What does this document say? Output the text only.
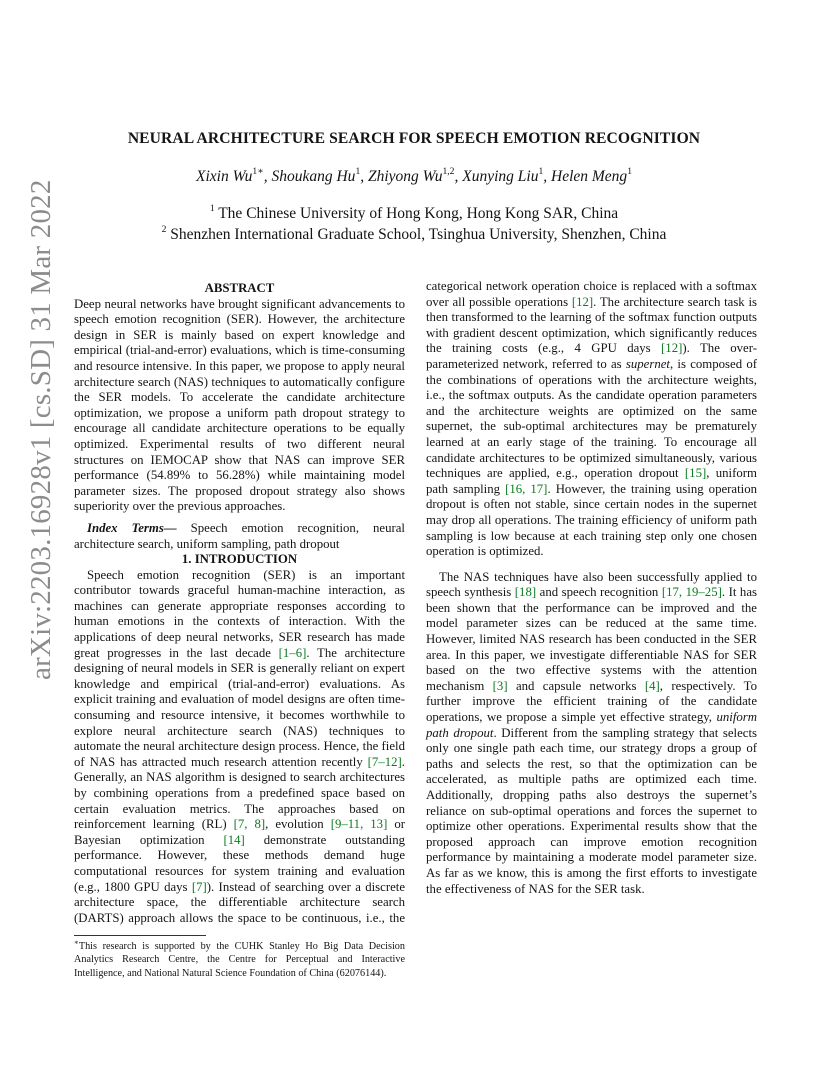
arXiv:2203.16928v1 [cs.SD] 31 Mar 2022
NEURAL ARCHITECTURE SEARCH FOR SPEECH EMOTION RECOGNITION
Xixin $Wu^{1∗}$, Shoukang Hu$^1$, Zhiyong Wu$^{1,2}$, Xunying Liu$^1$, Helen Meng$^1$
$^1$ The Chinese University of Hong Kong, Hong Kong SAR, China
$^2$ Shenzhen International Graduate School, Tsinghua University, Shenzhen, China

ABSTRACT

Deep neural networks have brought significant advancements to speech emotion recognition (SER). However, the architecture design in SER is mainly based on expert knowledge and empirical (trial-and-error) evaluations, which is time-consuming and resource intensive. In this paper, we propose to apply neural architecture search (NAS) techniques to automatically configure the SER models. To accelerate the candidate architecture optimization, we propose a uniform path dropout strategy to encourage all candidate architecture operations to be equally optimized. Experimental results of two different neural structures on IEMOCAP show that NAS can improve SER performance (54.89% to 56.28%) while maintaining model parameter sizes. The proposed dropout strategy also shows superiority over the previous approaches.

Index Terms— Speech emotion recognition, neural architecture search, uniform sampling, path dropout

1. INTRODUCTION

Speech emotion recognition (SER) is an important contributor towards graceful human-machine interaction, as machines can generate appropriate responses according to human emotions in the contexts of interaction. With the applications of deep neural networks, SER research has made great progresses in the last decade [1–6]. The architecture designing of neural models in SER is generally reliant on expert knowledge and empirical (trial-and-error) evaluations. As explicit training and evaluation of model designs are often time-consuming and resource intensive, it becomes worthwhile to explore neural architecture search (NAS) techniques to automate the neural architecture design process. Hence, the field of NAS has attracted much research attention recently [7–12]. Generally, an NAS algorithm is designed to search architectures by combining operations from a predefined space based on certain evaluation metrics. The approaches based on reinforcement learning (RL) [7, 8], evolution [9–11, 13] or Bayesian optimization [14] demonstrate outstanding performance. However, these methods demand huge computational resources for system training and evaluation (e.g., 1800 GPU days [7]). Instead of searching over a discrete architecture space, the differentiable architecture search (DARTS) approach allows the space to be continuous, i.e., the

categorical network operation choice is replaced with a softmax over all possible operations [12]. The architecture search task is then transformed to the learning of the softmax function outputs with gradient descent optimization, which significantly reduces the training costs (e.g., 4 GPU days [12]). The over-parameterized network, referred to as supernet, is composed of the combinations of operations with the architecture weights, i.e., the softmax outputs. As the candidate operation parameters and the architecture weights are optimized on the same supernet, the sub-optimal architectures may be prematurely learned at an early stage of the training. To encourage all candidate architectures to be optimized simultaneously, various techniques are applied, e.g., operation dropout [15], uniform path sampling [16, 17]. However, the training using operation dropout is often not stable, since certain nodes in the supernet may drop all operations. The training efficiency of uniform path sampling is low because at each training step only one chosen operation is optimized.

The NAS techniques have also been successfully applied to speech synthesis [18] and speech recognition [17, 19–25]. It has been shown that the performance can be improved and the model parameter sizes can be reduced at the same time. However, limited NAS research has been conducted in the SER area. In this paper, we investigate differentiable NAS for SER based on the two effective systems with the attention mechanism [3] and capsule networks [4], respectively. To further improve the efficient training of the candidate operations, we propose a simple yet effective strategy, uniform path dropout. Different from the sampling strategy that selects only one single path each time, our strategy drops a group of paths and selects the rest, so that the optimization can be accelerated, as multiple paths are optimized each time. Additionally, dropping paths also destroys the supernet’s reliance on sub-optimal operations and forces the supernet to optimize other operations. Experimental results show that the proposed approach can improve emotion recognition performance by maintaining a moderate model parameter size. As far as we know, this is among the first efforts to investigate the effectiveness of NAS for the SER task.

∗This research is supported by the CUHK Stanley Ho Big Data Decision Analytics Research Centre, the Centre for Perceptual and Interactive Intelligence, and National Natural Science Foundation of China (62076144).
